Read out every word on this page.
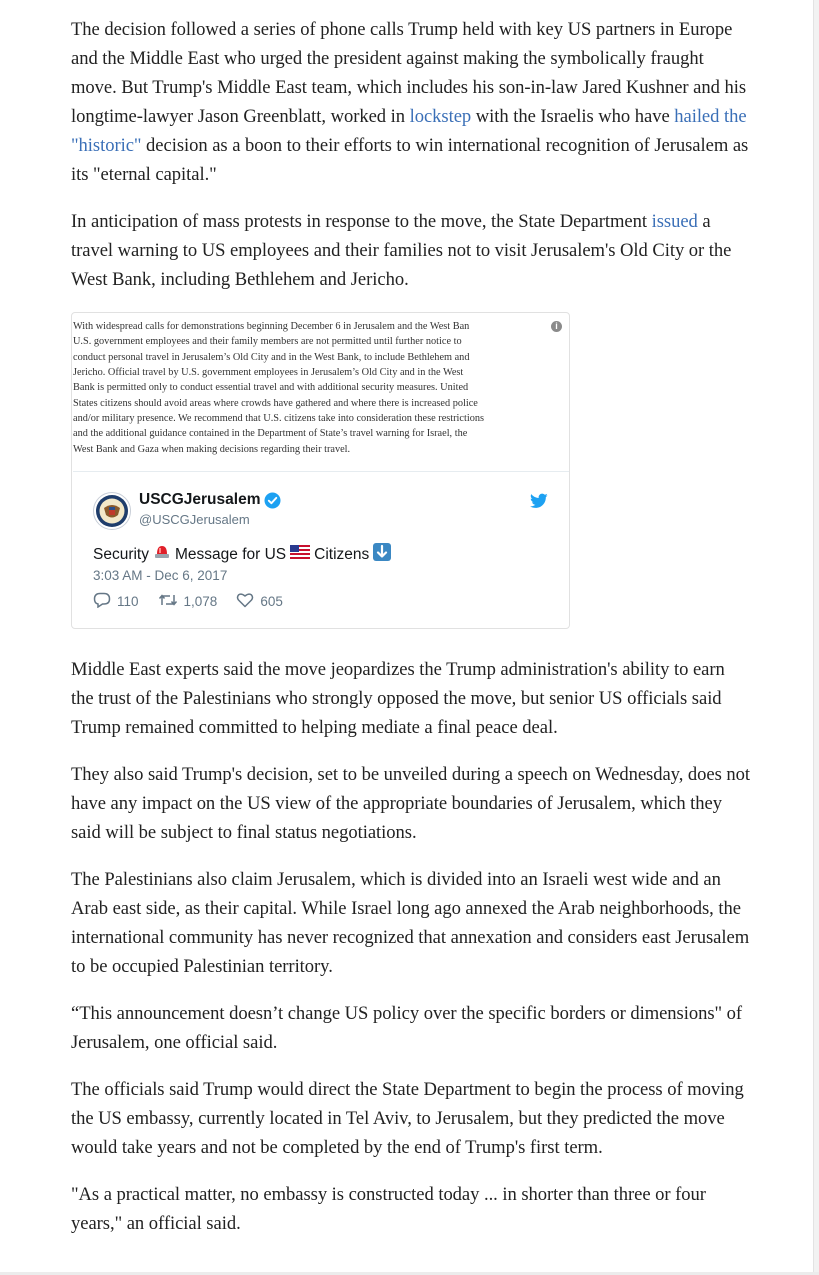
The decision followed a series of phone calls Trump held with key US partners in Europe and the Middle East who urged the president against making the symbolically fraught move. But Trump's Middle East team, which includes his son-in-law Jared Kushner and his longtime-lawyer Jason Greenblatt, worked in lockstep with the Israelis who have hailed the "historic" decision as a boon to their efforts to win international recognition of Jerusalem as its "eternal capital."

In anticipation of mass protests in response to the move, the State Department issued a travel warning to US employees and their families not to visit Jerusalem's Old City or the West Bank, including Bethlehem and Jericho.

With widespread calls for demonstrations beginning December 6 in Jerusalem and the West Ban
U.S. government employees and their family members are not permitted until further notice to
conduct personal travel in Jerusalem’s Old City and in the West Bank, to include Bethlehem and
Jericho. Official travel by U.S. government employees in Jerusalem’s Old City and in the West
Bank is permitted only to conduct essential travel and with additional security measures. United
States citizens should avoid areas where crowds have gathered and where there is increased police
and/or military presence. We recommend that U.S. citizens take into consideration these restrictions
and the additional guidance contained in the Department of State’s travel warning for Israel, the
West Bank and Gaza when making decisions regarding their travel.
i
USCGJerusalem
@USCGJerusalem
Security Message for US Citizens
3:03 AM - Dec 6, 2017
110	1,078	605

Middle East experts said the move jeopardizes the Trump administration's ability to earn the trust of the Palestinians who strongly opposed the move, but senior US officials said Trump remained committed to helping mediate a final peace deal.

They also said Trump's decision, set to be unveiled during a speech on Wednesday, does not have any impact on the US view of the appropriate boundaries of Jerusalem, which they said will be subject to final status negotiations.

The Palestinians also claim Jerusalem, which is divided into an Israeli west wide and an Arab east side, as their capital. While Israel long ago annexed the Arab neighborhoods, the international community has never recognized that annexation and considers east Jerusalem to be occupied Palestinian territory.

“This announcement doesn’t change US policy over the specific borders or dimensions" of Jerusalem, one official said.

The officials said Trump would direct the State Department to begin the process of moving the US embassy, currently located in Tel Aviv, to Jerusalem, but they predicted the move would take years and not be completed by the end of Trump's first term.

"As a practical matter, no embassy is constructed today ... in shorter than three or four years," an official said.
